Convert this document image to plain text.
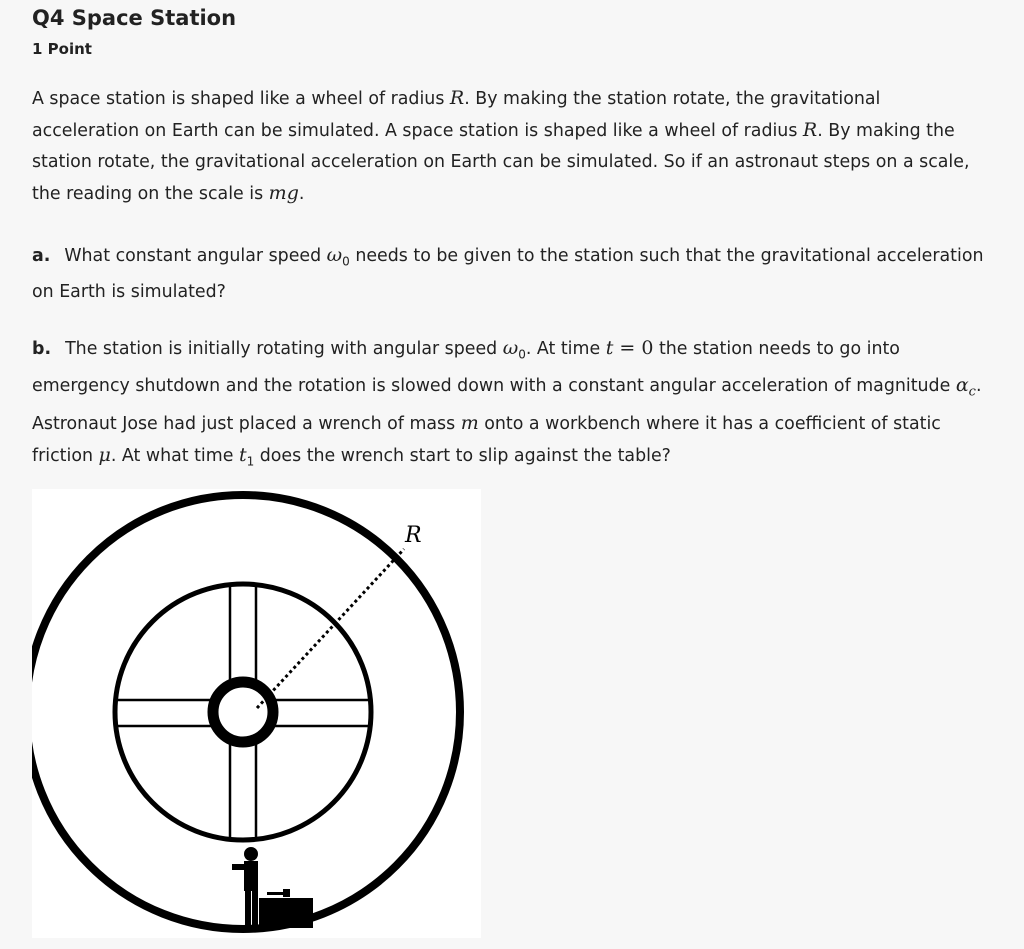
Q4 Space Station
1 Point

A space station is shaped like a wheel of radius R. By making the station rotate, the gravitational acceleration on Earth can be simulated. A space station is shaped like a wheel of radius R. By making the station rotate, the gravitational acceleration on Earth can be simulated. So if an astronaut steps on a scale, the reading on the scale is mg.

a. What constant angular speed $\omega_0$ needs to be given to the station such that the gravitational acceleration on Earth is simulated?

b. The station is initially rotating with angular speed $\omega_0$. At time t = 0 the station needs to go into emergency shutdown and the rotation is slowed down with a constant angular acceleration of magnitude $\alpha_c$. Astronaut Jose had just placed a wrench of mass m onto a workbench where it has a coefficient of static friction μ. At what time $t_1$ does the wrench start to slip against the table?

R
